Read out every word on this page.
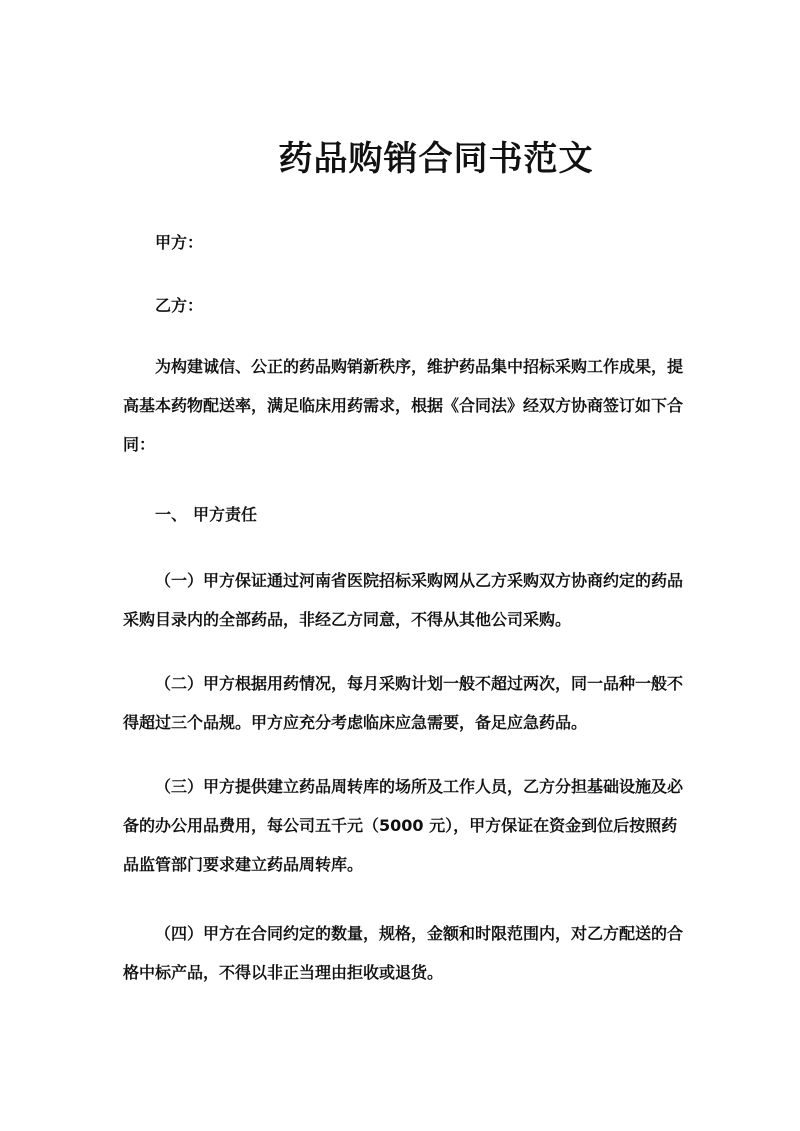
药品购销合同书范文

甲方：

乙方：

为构建诚信、公正的药品购销新秩序，维护药品集中招标采购工作成果，提高基本药物配送率，满足临床用药需求，根据《合同法》经双方协商签订如下合同：

一、 甲方责任

（一）甲方保证通过河南省医院招标采购网从乙方采购双方协商约定的药品采购目录内的全部药品，非经乙方同意，不得从其他公司采购。

（二）甲方根据用药情况，每月采购计划一般不超过两次，同一品种一般不得超过三个品规。甲方应充分考虑临床应急需要，备足应急药品。

（三）甲方提供建立药品周转库的场所及工作人员，乙方分担基础设施及必备的办公用品费用，每公司五千元（5000 元），甲方保证在资金到位后按照药品监管部门要求建立药品周转库。

（四）甲方在合同约定的数量，规格，金额和时限范围内，对乙方配送的合格中标产品，不得以非正当理由拒收或退货。
